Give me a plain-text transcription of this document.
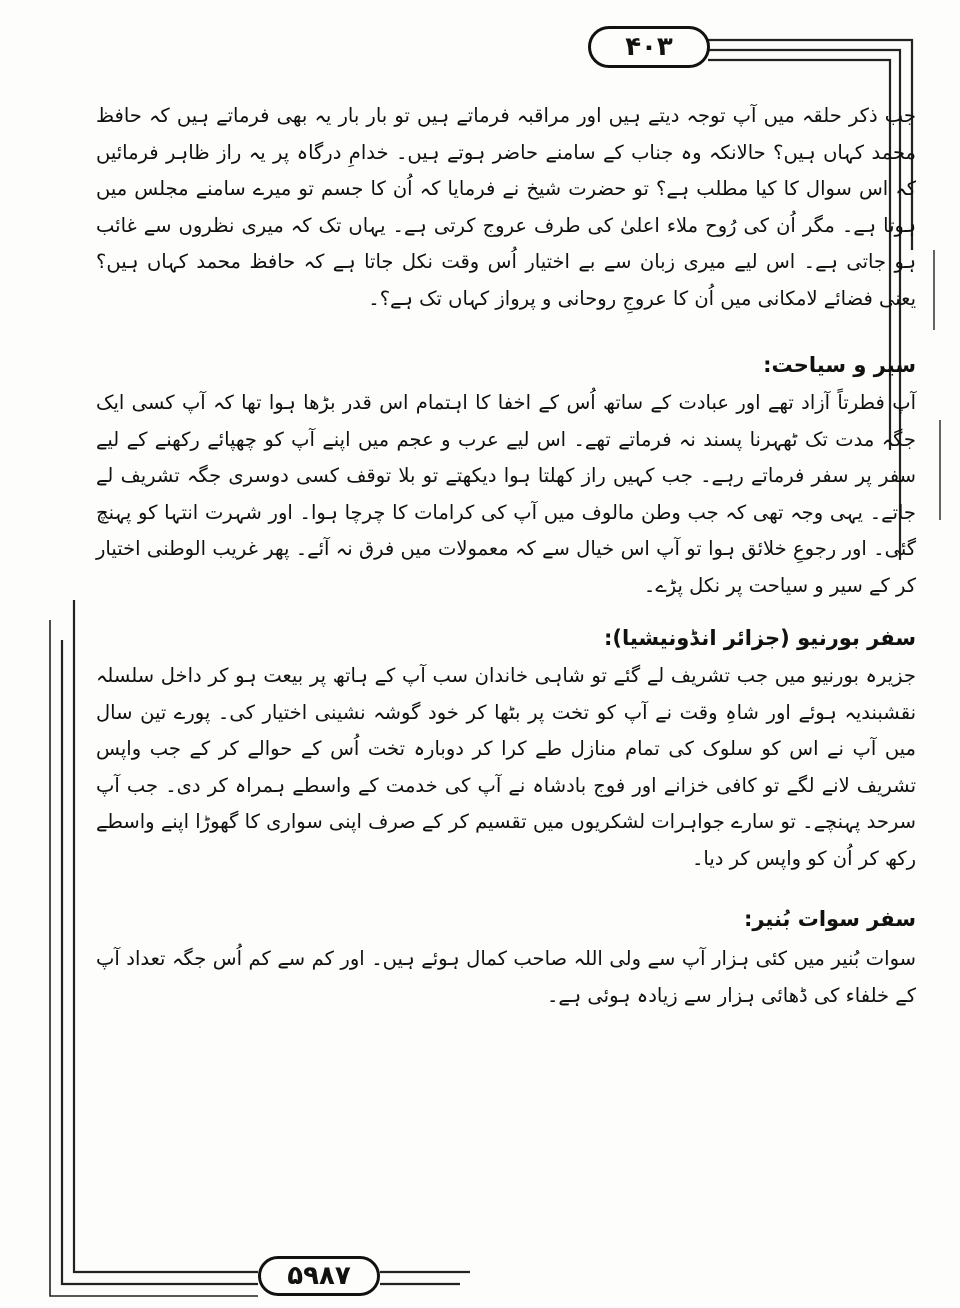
۴۰۳

جب ذکر حلقہ میں آپ توجہ دیتے ہیں اور مراقبہ فرماتے ہیں تو بار بار یہ بھی فرماتے ہیں کہ حافظ محمد کہاں ہیں؟ حالانکہ وہ جناب کے سامنے حاضر ہوتے ہیں۔ خدامِ درگاہ پر یہ راز ظاہر فرمائیں کہ اس سوال کا کیا مطلب ہے؟ تو حضرت شیخ نے فرمایا کہ اُن کا جسم تو میرے سامنے مجلس میں ہوتا ہے۔ مگر اُن کی رُوح ملاء اعلیٰ کی طرف عروج کرتی ہے۔ یہاں تک کہ میری نظروں سے غائب ہو جاتی ہے۔ اس لیے میری زبان سے بے اختیار اُس وقت نکل جاتا ہے کہ حافظ محمد کہاں ہیں؟ یعنی فضائے لامکانی میں اُن کا عروجِ روحانی و پرواز کہاں تک ہے؟۔

سیر و سیاحت:

آپ فطرتاً آزاد تھے اور عبادت کے ساتھ اُس کے اخفا کا اہتمام اس قدر بڑھا ہوا تھا کہ آپ کسی ایک جگہ مدت تک ٹھہرنا پسند نہ فرماتے تھے۔ اس لیے عرب و عجم میں اپنے آپ کو چھپائے رکھنے کے لیے سفر پر سفر فرماتے رہے۔ جب کہیں راز کھلتا ہوا دیکھتے تو بلا توقف کسی دوسری جگہ تشریف لے جاتے۔ یہی وجہ تھی کہ جب وطن مالوف میں آپ کی کرامات کا چرچا ہوا۔ اور شہرت انتہا کو پہنچ گئی۔ اور رجوعِ خلائق ہوا تو آپ اس خیال سے کہ معمولات میں فرق نہ آئے۔ پھر غریب الوطنی اختیار کر کے سیر و سیاحت پر نکل پڑے۔

سفر بورنیو (جزائر انڈونیشیا):

جزیرہ بورنیو میں جب تشریف لے گئے تو شاہی خاندان سب آپ کے ہاتھ پر بیعت ہو کر داخل سلسلہ نقشبندیہ ہوئے اور شاہِ وقت نے آپ کو تخت پر بٹھا کر خود گوشہ نشینی اختیار کی۔ پورے تین سال میں آپ نے اس کو سلوک کی تمام منازل طے کرا کر دوبارہ تخت اُس کے حوالے کر کے جب واپس تشریف لانے لگے تو کافی خزانے اور فوج بادشاہ نے آپ کی خدمت کے واسطے ہمراہ کر دی۔ جب آپ سرحد پہنچے۔ تو سارے جواہرات لشکریوں میں تقسیم کر کے صرف اپنی سواری کا گھوڑا اپنے واسطے رکھ کر اُن کو واپس کر دیا۔

سفر سوات بُنیر:

سوات بُنیر میں کئی ہزار آپ سے ولی اللہ صاحب کمال ہوئے ہیں۔ اور کم سے کم اُس جگہ تعداد آپ کے خلفاء کی ڈھائی ہزار سے زیادہ ہوئی ہے۔

۵۹۸۷
